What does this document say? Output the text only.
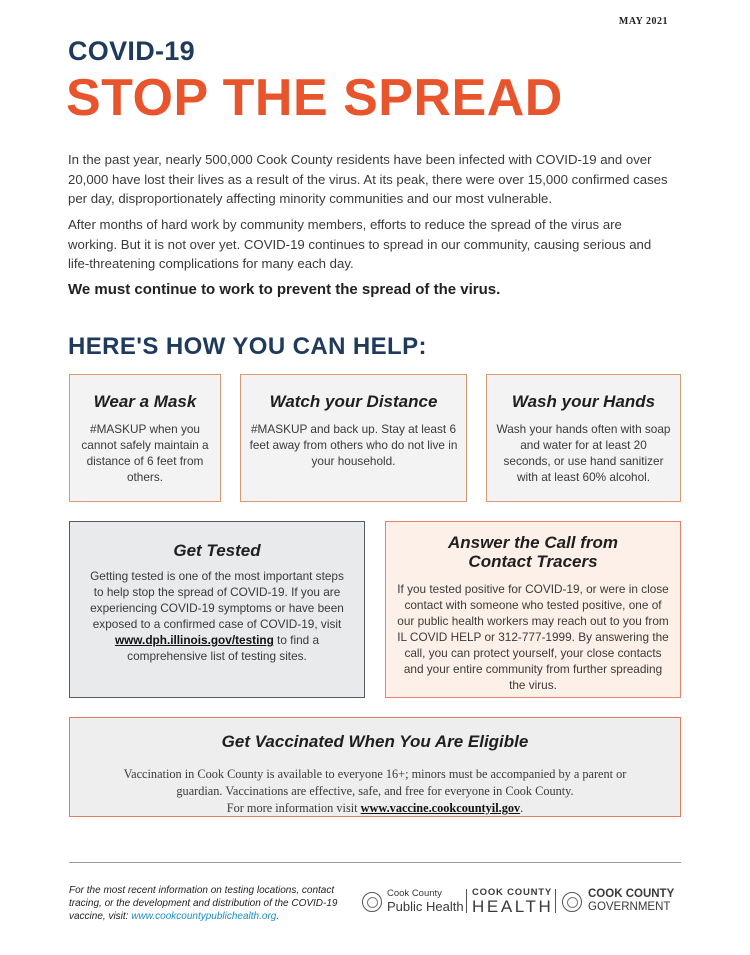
MAY 2021
COVID-19
STOP THE SPREAD

In the past year, nearly 500,000 Cook County residents have been infected with COVID-19 and over 20,000 have lost their lives as a result of the virus. At its peak, there were over 15,000 confirmed cases per day, disproportionately affecting minority communities and our most vulnerable.

After months of hard work by community members, efforts to reduce the spread of the virus are working. But it is not over yet. COVID-19 continues to spread in our community, causing serious and life-threatening complications for many each day.

We must continue to work to prevent the spread of the virus.
HERE'S HOW YOU CAN HELP:
Wear a Mask

#MASKUP when you cannot safely maintain a distance of 6 feet from others.

Watch your Distance

#MASKUP and back up. Stay at least 6 feet away from others who do not live in your household.

Wash your Hands

Wash your hands often with soap and water for at least 20 seconds, or use hand sanitizer with at least 60% alcohol.

Get Tested

Getting tested is one of the most important steps to help stop the spread of COVID-19. If you are experiencing COVID-19 symptoms or have been exposed to a confirmed case of COVID-19, visit www.dph.illinois.gov/testing to find a comprehensive list of testing sites.

Answer the Call from
Contact Tracers

If you tested positive for COVID-19, or were in close contact with someone who tested positive, one of our public health workers may reach out to you from IL COVID HELP or 312-777-1999. By answering the call, you can protect yourself, your close contacts and your entire community from further spreading the virus.

Get Vaccinated When You Are Eligible

Vaccination in Cook County is available to everyone 16+; minors must be accompanied by a parent or guardian. Vaccinations are effective, safe, and free for everyone in Cook County.
For more information visit www.vaccine.cookcountyil.gov.

For the most recent information on testing locations, contact tracing, or the development and distribution of the COVID-19 vaccine, visit: www.cookcountypublichealth.org.
Cook County
Public Health
COOK COUNTY
HEALTH
COOK COUNTY
GOVERNMENT
